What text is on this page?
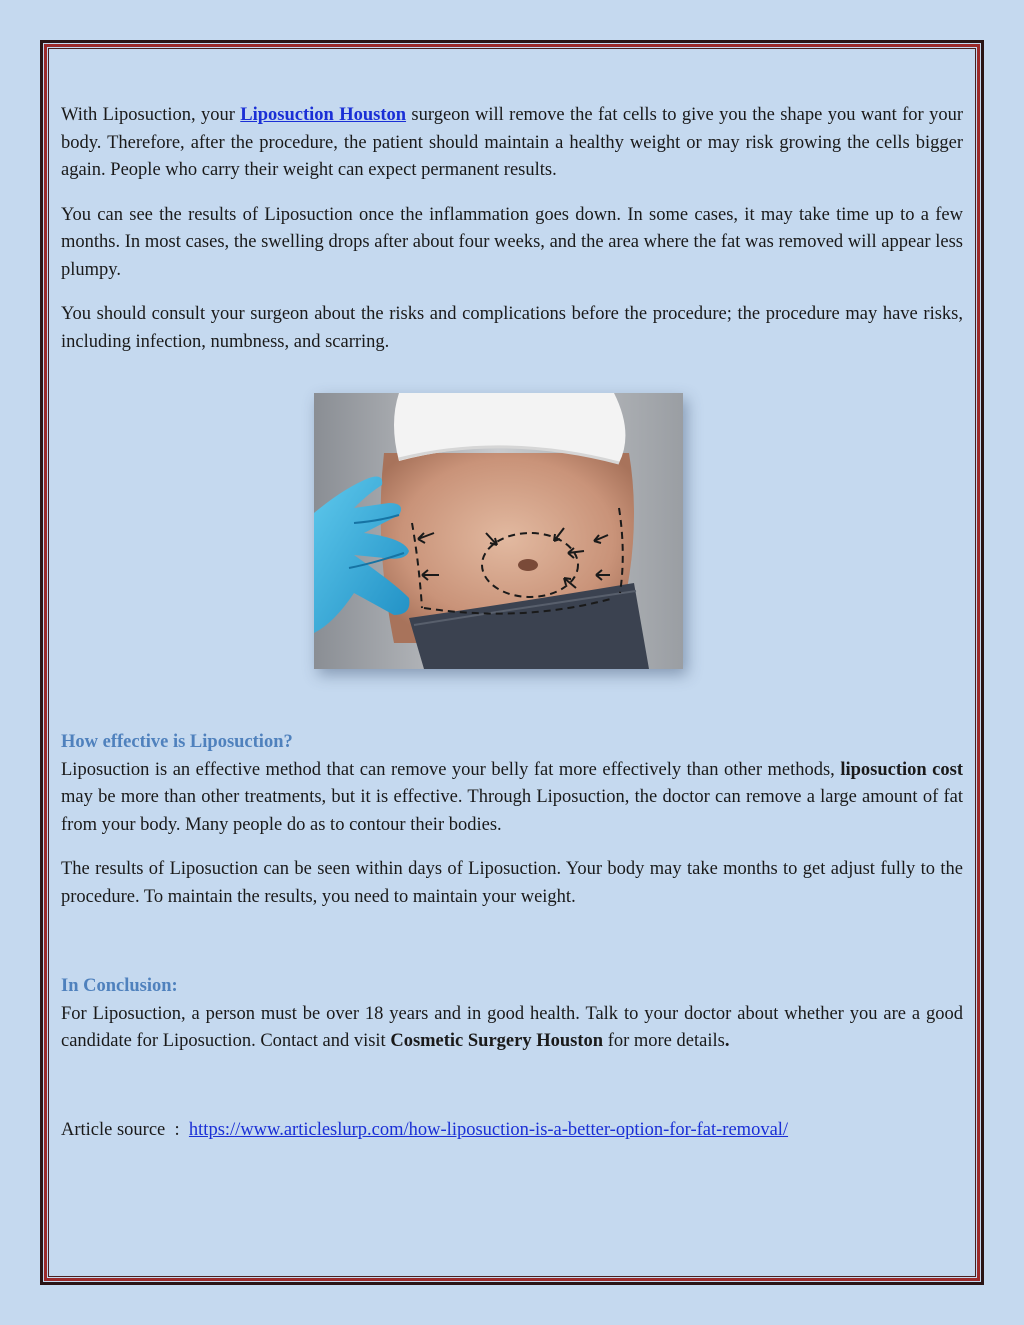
With Liposuction, your Liposuction Houston surgeon will remove the fat cells to give you the shape you want for your body. Therefore, after the procedure, the patient should maintain a healthy weight or may risk growing the cells bigger again. People who carry their weight can expect permanent results.

You can see the results of Liposuction once the inflammation goes down. In some cases, it may take time up to a few months. In most cases, the swelling drops after about four weeks, and the area where the fat was removed will appear less plumpy.

You should consult your surgeon about the risks and complications before the procedure; the procedure may have risks, including infection, numbness, and scarring.

How effective is Liposuction?

Liposuction is an effective method that can remove your belly fat more effectively than other methods, liposuction cost may be more than other treatments, but it is effective. Through Liposuction, the doctor can remove a large amount of fat from your body. Many people do as to contour their bodies.

The results of Liposuction can be seen within days of Liposuction. Your body may take months to get adjust fully to the procedure. To maintain the results, you need to maintain your weight.

In Conclusion:

For Liposuction, a person must be over 18 years and in good health. Talk to your doctor about whether you are a good candidate for Liposuction. Contact and visit Cosmetic Surgery Houston for more details.

Article source  :  https://www.articleslurp.com/how-liposuction-is-a-better-option-for-fat-removal/
